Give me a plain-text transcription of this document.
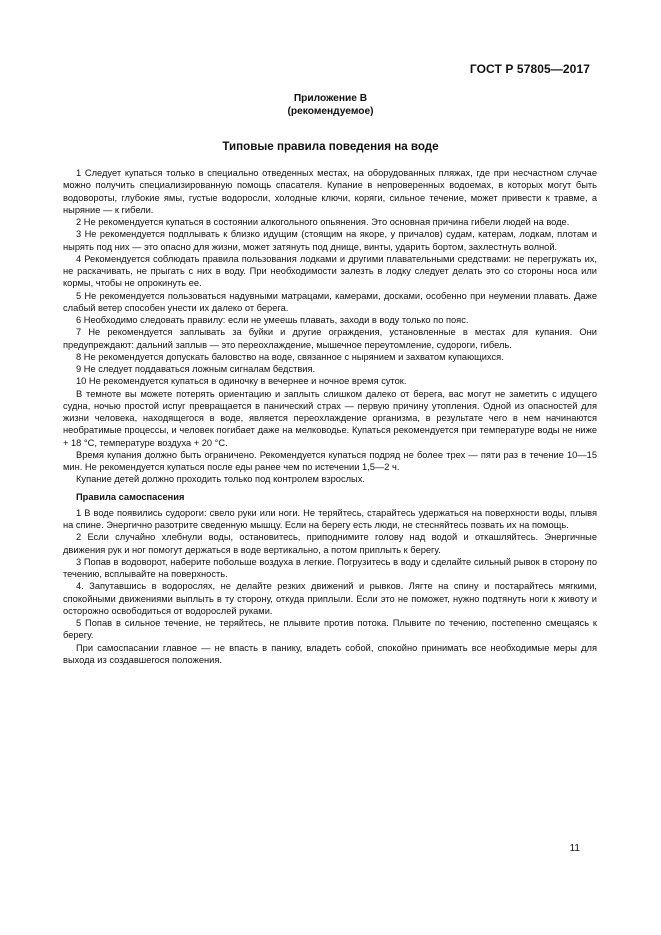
ГОСТ Р 57805—2017
Приложение В
(рекомендуемое)
Типовые правила поведения на воде

1 Следует купаться только в специально отведенных местах, на оборудованных пляжах, где при несчастном случае можно получить специализированную помощь спасателя. Купание в непроверенных водоемах, в которых могут быть водовороты, глубокие ямы, густые водоросли, холодные ключи, коряги, сильное течение, может привести к травме, а ныряние — к гибели.

2 Не рекомендуется купаться в состоянии алкогольного опьянения. Это основная причина гибели людей на воде.

3 Не рекомендуется подплывать к близко идущим (стоящим на якоре, у причалов) судам, катерам, лодкам, плотам и нырять под них — это опасно для жизни, может затянуть под днище, винты, ударить бортом, захлестнуть волной.

4 Рекомендуется соблюдать правила пользования лодками и другими плавательными средствами: не перегружать их, не раскачивать, не прыгать с них в воду. При необходимости залезть в лодку следует делать это со стороны носа или кормы, чтобы не опрокинуть ее.

5 Не рекомендуется пользоваться надувными матрацами, камерами, досками, особенно при неумении плавать. Даже слабый ветер способен унести их далеко от берега.

6 Необходимо следовать правилу: если не умеешь плавать, заходи в воду только по пояс.

7 Не рекомендуется заплывать за буйки и другие ограждения, установленные в местах для купания. Они предупреждают: дальний заплыв — это переохлаждение, мышечное переутомление, судороги, гибель.

8 Не рекомендуется допускать баловство на воде, связанное с нырянием и захватом купающихся.

9 Не следует поддаваться ложным сигналам бедствия.

10 Не рекомендуется купаться в одиночку в вечернее и ночное время суток.

В темноте вы можете потерять ориентацию и заплыть слишком далеко от берега, вас могут не заметить с идущего судна, ночью простой испуг превращается в панический страх — первую причину утопления. Одной из опасностей для жизни человека, находящегося в воде, является переохлаждение организма, в результате чего в нем начинаются необратимые процессы, и человек погибает даже на мелководье. Купаться рекомендуется при температуре воды не ниже + 18 °С, температуре воздуха + 20 °С.

Время купания должно быть ограничено. Рекомендуется купаться подряд не более трех — пяти раз в течение 10—15 мин. Не рекомендуется купаться после еды ранее чем по истечении 1,5—2 ч.

Купание детей должно проходить только под контролем взрослых.

Правила самоспасения

1 В воде появились судороги: свело руки или ноги. Не теряйтесь, старайтесь удержаться на поверхности воды, плывя на спине. Энергично разотрите сведенную мышцу. Если на берегу есть люди, не стесняйтесь позвать их на помощь.

2 Если случайно хлебнули воды, остановитесь, приподнимите голову над водой и откашляйтесь. Энергичные движения рук и ног помогут держаться в воде вертикально, а потом приплыть к берегу.

3 Попав в водоворот, наберите побольше воздуха в легкие. Погрузитесь в воду и сделайте сильный рывок в сторону по течению, всплывайте на поверхность.

4. Запутавшись в водорослях, не делайте резких движений и рывков. Лягте на спину и постарайтесь мягкими, спокойными движениями выплыть в ту сторону, откуда приплыли. Если это не поможет, нужно подтянуть ноги к животу и осторожно освободиться от водорослей руками.

5 Попав в сильное течение, не теряйтесь, не плывите против потока. Плывите по течению, постепенно смещаясь к берегу.

При самоспасании главное — не впасть в панику, владеть собой, спокойно принимать все необходимые меры для выхода из создавшегося положения.

11
